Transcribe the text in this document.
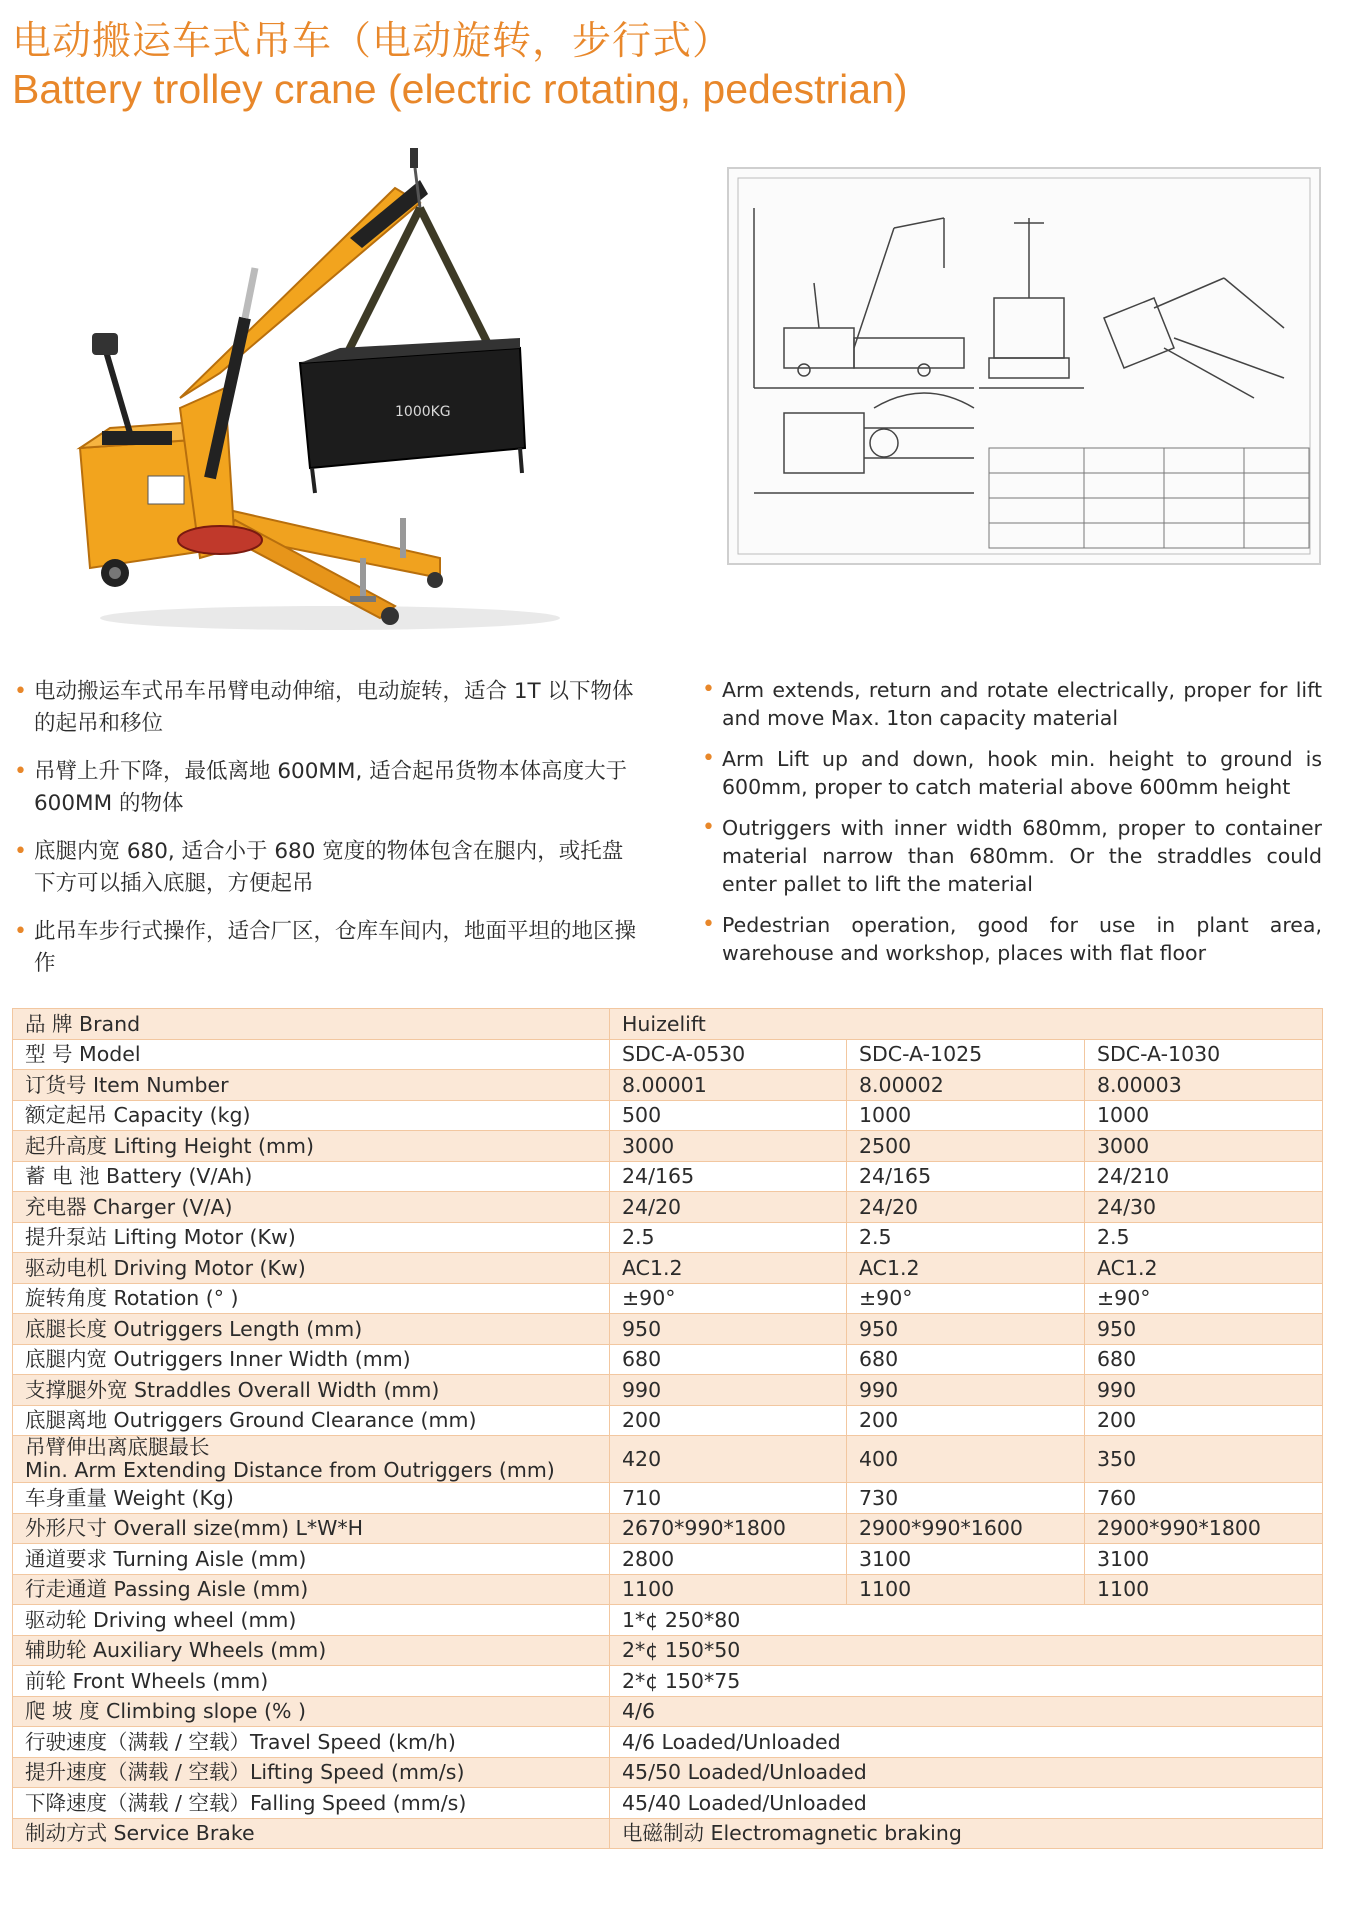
电动搬运车式吊车（电动旋转，步行式）
Battery trolley crane (electric rotating, pedestrian)
1000KG
• 电动搬运车式吊车吊臂电动伸缩，电动旋转，适合 1T 以下物体的起吊和移位
• 吊臂上升下降，最低离地 600MM, 适合起吊货物本体高度大于 600MM 的物体
• 底腿内宽 680, 适合小于 680 宽度的物体包含在腿内，或托盘下方可以插入底腿，方便起吊
• 此吊车步行式操作，适合厂区，仓库车间内，地面平坦的地区操作
• Arm extends, return and rotate electrically, proper for lift and move Max. 1ton capacity material
• Arm Lift up and down, hook min. height to ground is 600mm, proper to catch material above 600mm height
• Outriggers with inner width 680mm, proper to container material narrow than 680mm. Or the straddles could enter pallet to lift the material
• Pedestrian operation, good for use in plant area, warehouse and workshop, places with flat floor
品 牌 Brand	Huizelift		
型 号 Model	SDC-A-0530	SDC-A-1025	SDC-A-1030
订货号 Item Number	8.00001	8.00002	8.00003
额定起吊 Capacity (kg)	500	1000	1000
起升高度 Lifting Height (mm)	3000	2500	3000
蓄 电 池 Battery (V/Ah)	24/165	24/165	24/210
充电器 Charger (V/A)	24/20	24/20	24/30
提升泵站 Lifting Motor (Kw)	2.5	2.5	2.5
驱动电机 Driving Motor (Kw)	AC1.2	AC1.2	AC1.2
旋转角度 Rotation (° )	±90°	±90°	±90°
底腿长度 Outriggers Length (mm)	950	950	950
底腿内宽 Outriggers Inner Width (mm)	680	680	680
支撑腿外宽 Straddles Overall Width (mm)	990	990	990
底腿离地 Outriggers Ground Clearance (mm)	200	200	200

吊臂伸出离底腿最长
Min. Arm Extending Distance from Outriggers (mm)	420	400	350
车身重量 Weight (Kg)	710	730	760
外形尺寸 Overall size(mm) L*W*H	2670*990*1800	2900*990*1600	2900*990*1800
通道要求 Turning Aisle (mm)	2800	3100	3100
行走通道 Passing Aisle (mm)	1100	1100	1100
驱动轮 Driving wheel (mm)	1*¢ 250*80		
辅助轮 Auxiliary Wheels (mm)	2*¢ 150*50		
前轮 Front Wheels (mm)	2*¢ 150*75		
爬 坡 度 Climbing slope (% )	4/6		
行驶速度（满载 / 空载）Travel Speed (km/h)	4/6 Loaded/Unloaded		
提升速度（满载 / 空载）Lifting Speed (mm/s)	45/50 Loaded/Unloaded		
下降速度（满载 / 空载）Falling Speed (mm/s)	45/40 Loaded/Unloaded		
制动方式 Service Brake	电磁制动 Electromagnetic braking		
